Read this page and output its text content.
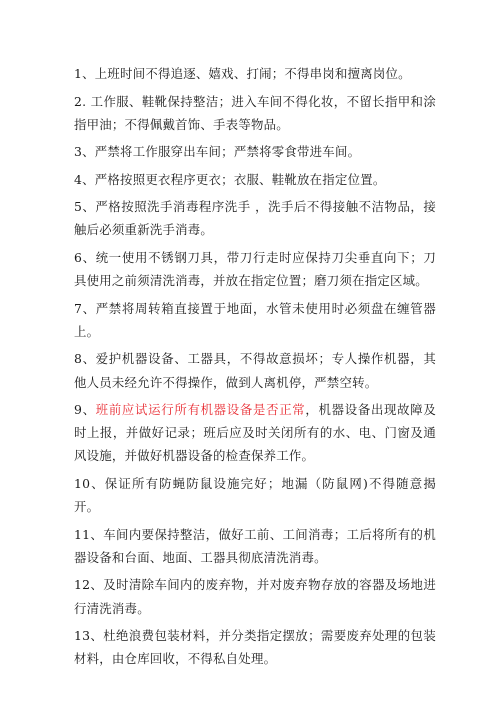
1、上班时间不得追逐、嬉戏、打闹；不得串岗和擅离岗位。

2. 工作服、鞋靴保持整洁；进入车间不得化妆，不留长指甲和涂指甲油；不得佩戴首饰、手表等物品。

3、严禁将工作服穿出车间；严禁将零食带进车间。

4、严格按照更衣程序更衣；衣服、鞋靴放在指定位置。

5、严格按照洗手消毒程序洗手 ，洗手后不得接触不洁物品，接触后必须重新洗手消毒。

6、统一使用不锈钢刀具，带刀行走时应保持刀尖垂直向下；刀具使用之前须清洗消毒，并放在指定位置；磨刀须在指定区域。

7、严禁将周转箱直接置于地面，水管未使用时必须盘在缠管器上。

8、爱护机器设备、工器具，不得故意损坏；专人操作机器，其他人员未经允许不得操作，做到人离机停，严禁空转。

9、班前应试运行所有机器设备是否正常，机器设备出现故障及时上报，并做好记录；班后应及时关闭所有的水、电、门窗及通风设施，并做好机器设备的检查保养工作。

10、保证所有防蝇防鼠设施完好；地漏（防鼠网)不得随意揭开。

11、车间内要保持整洁，做好工前、工间消毒；工后将所有的机器设备和台面、地面、工器具彻底清洗消毒。

12、及时清除车间内的废弃物，并对废弃物存放的容器及场地进行清洗消毒。

13、杜绝浪费包装材料，并分类指定摆放；需要废弃处理的包装材料，由仓库回收，不得私自处理。
